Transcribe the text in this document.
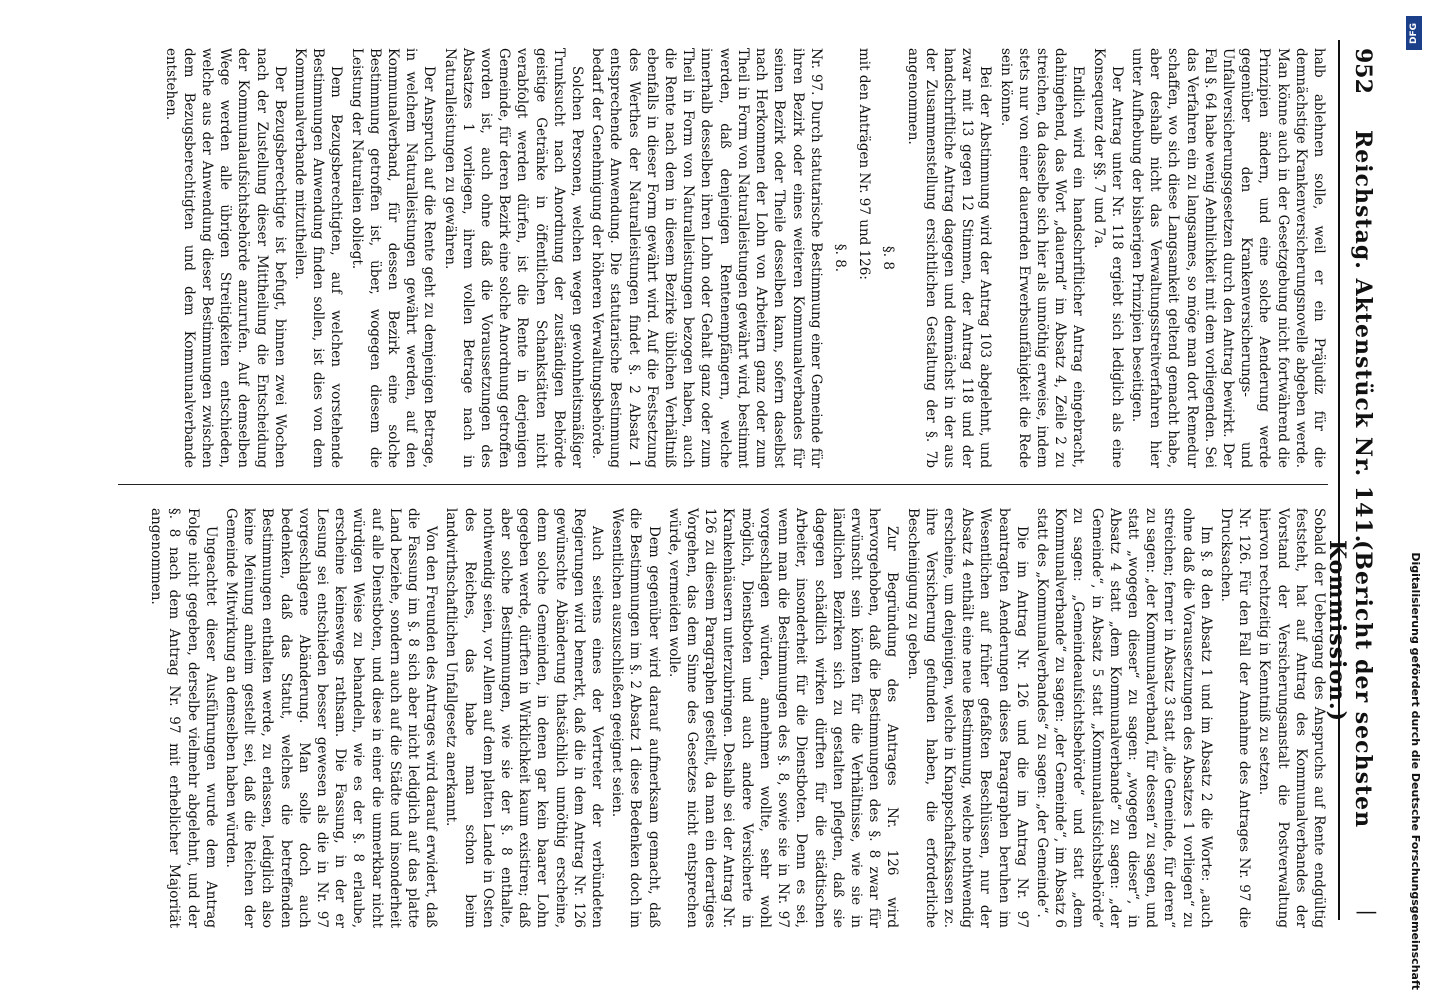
952
Reichstag. Aktenstück Nr. 141.
(Bericht der sechsten Kommission.)
|

halb ablehnen solle, weil er ein Präjudiz für die demnächstige Krankenversicherungsnovelle abgeben werde. Man könne auch in der Gesetzgebung nicht fortwährend die Prinzipien ändern, und eine solche Aenderung werde gegenüber den Krankenversicherungs- und Unfallversicherungsgesetzen durch den Antrag bewirkt. Der Fall §. 64 habe wenig Aehnlichkeit mit dem vorliegenden. Sei das Verfahren ein zu langsames, so möge man dort Remedur schaffen, wo sich diese Langsamkeit geltend gemacht habe, aber deshalb nicht das Verwaltungsstreitverfahren hier unter Aufhebung der bisherigen Prinzipien beseitigen.

Der Antrag unter Nr. 118 ergiebt sich lediglich als eine Konsequenz der §§. 7 und 7a.

Endlich wird ein handschriftlicher Antrag eingebracht, dahingehend, das Wort „dauernd“ im Absatz 4, Zeile 2 zu streichen, da dasselbe sich hier als unnöthig erweise, indem stets nur von einer dauernden Erwerbsunfähigkeit die Rede sein könne.

Bei der Abstimmung wird der Antrag 103 abgelehnt, und zwar mit 13 gegen 12 Stimmen, der Antrag 118 und der handschriftliche Antrag dagegen und demnächst in der aus der Zusammenstellung ersichtlichen Gestaltung der §. 7b angenommen.

§. 8

mit den Anträgen Nr. 97 und 126:

§. 8.

Nr. 97. Durch statutarische Bestimmung einer Gemeinde für ihren Bezirk oder eines weiteren Kommunalverbandes für seinen Bezirk oder Theile desselben kann, sofern daselbst nach Herkommen der Lohn von Arbeitern ganz oder zum Theil in Form von Naturalleistungen gewährt wird, bestimmt werden, daß denjenigen Rentenempfängern, welche innerhalb desselben ihren Lohn oder Gehalt ganz oder zum Theil in Form von Naturalleistungen bezogen haben, auch die Rente nach dem in diesem Bezirke üblichen Verhältniß ebenfalls in dieser Form gewährt wird. Auf die Festsetzung des Werthes der Naturalleistungen findet §. 2 Absatz 1 entsprechende Anwendung. Die statutarische Bestimmung bedarf der Genehmigung der höheren Verwaltungsbehörde.

Solchen Personen, welchen wegen gewohnheitsmäßiger Trunksucht nach Anordnung der zuständigen Behörde geistige Getränke in öffentlichen Schankstätten nicht verabfolgt werden dürfen, ist die Rente in derjenigen Gemeinde, für deren Bezirk eine solche Anordnung getroffen worden ist, auch ohne daß die Voraussetzungen des Absatzes 1 vorliegen, ihrem vollen Betrage nach in Naturalleistungen zu gewähren.

Der Anspruch auf die Rente geht zu demjenigen Betrage, in welchem Naturalleistungen gewährt werden, auf den Kommunalverband, für dessen Bezirk eine solche Bestimmung getroffen ist, über, wogegen diesem die Leistung der Naturalien obliegt.

Dem Bezugsberechtigten, auf welchen vorstehende Bestimmungen Anwendung finden sollen, ist dies von dem Kommunalverbande mitzutheilen.

Der Bezugsberechtigte ist befugt, binnen zwei Wochen nach der Zustellung dieser Mittheilung die Entscheidung der Kommunalaufsichtsbehörde anzurufen. Auf demselben Wege werden alle übrigen Streitigkeiten entschieden, welche aus der Anwendung dieser Bestimmungen zwischen dem Bezugsberechtigten und dem Kommunalverbande entstehen.

Sobald der Uebergang des Anspruchs auf Rente endgültig feststeht, hat auf Antrag des Kommunalverbandes der Vorstand der Versicherungsanstalt die Postverwaltung hiervon rechtzeitig in Kenntniß zu setzen.

Nr. 126. Für den Fall der Annahme des Antrages Nr. 97 die Drucksachen.

Im §. 8 den Absatz 1 und im Absatz 2 die Worte: „auch ohne daß die Voraussetzungen des Absatzes 1 vorliegen“ zu streichen; ferner in Absatz 3 statt „die Gemeinde, für deren“ zu sagen: „der Kommunalverband, für dessen“ zu sagen, und statt „wogegen dieser“ zu sagen: „wogegen dieser“, in Absatz 4 statt „dem Kommunalverbande“ zu sagen: „der Gemeinde“, in Absatz 5 statt „Kommunalaufsichtsbehörde“ zu sagen: „Gemeindeaufsichtsbehörde“ und statt „dem Kommunalverbande“ zu sagen: „der Gemeinde“, im Absatz 6 statt des „Kommunalverbandes“ zu sagen: „der Gemeinde“.

Die im Antrag Nr. 126 und die im Antrag Nr. 97 beantragten Aenderungen dieses Paragraphen beruhen im Wesentlichen auf früher gefaßten Beschlüssen, nur der Absatz 4 enthält eine neue Bestimmung, welche nothwendig erscheine, um denjenigen, welche in Knappschaftskassen zc. ihre Versicherung gefunden haben, die erforderliche Bescheinigung zu geben.

Zur Begründung des Antrages Nr. 126 wird hervorgehoben, daß die Bestimmungen des §. 8 zwar für erwünscht sein könnten für die Verhältnisse, wie sie in ländlichen Bezirken sich zu gestalten pflegten, daß sie dagegen schädlich wirken dürften für die städtischen Arbeiter, insonderheit für die Dienstboten. Denn es sei, wenn man die Bestimmungen des §. 8, sowie sie in Nr. 97 vorgeschlagen würden, annehmen wollte, sehr wohl möglich, Dienstboten und auch andere Versicherte in Krankenhäusern unterzubringen. Deshalb sei der Antrag Nr. 126 zu diesem Paragraphen gestellt, da man ein derartiges Vorgehen, das dem Sinne des Gesetzes nicht entsprechen würde, vermeiden wolle.

Dem gegenüber wird darauf aufmerksam gemacht, daß die Bestimmungen im §. 2 Absatz 1 diese Bedenken doch im Wesentlichen auszuschließen geeignet seien.

Auch seitens eines der Vertreter der verbündeten Regierungen wird bemerkt, daß die in dem Antrag Nr. 126 gewünschte Abänderung thatsächlich unnöthig erscheine, denn solche Gemeinden, in denen gar kein baarer Lohn gegeben werde, dürften in Wirklichkeit kaum existiren; daß aber solche Bestimmungen, wie sie der §. 8 enthalte, nothwendig seien, vor Allem auf dem platten Lande in Osten des Reiches, das habe man schon beim landwirthschaftlichen Unfallgesetz anerkannt.

Von den Freunden des Antrages wird darauf erwidert, daß die Fassung im §. 8 sich aber nicht lediglich auf das platte Land beziehe, sondern auch auf die Städte und insonderheit auf alle Dienstboten, und diese in einer die unmerkbar nicht würdigen Weise zu behandeln, wie es der §. 8 erlaube, erscheine keineswegs rathsam. Die Fassung, in der er Lesung sei entschieden besser gewesen als die in Nr. 97 vorgeschlagene Abänderung. Man solle doch auch bedenken, daß das Statut, welches die betreffenden Bestimmungen enthalten werde, zu erlassen, lediglich also keine Meinung anheim gestellt sei, daß die Reichen der Gemeinde Mitwirkung an demselben haben würden.

Ungeachtet dieser Ausführungen wurde dem Antrag Folge nicht gegeben, derselbe vielmehr abgelehnt, und der §. 8 nach dem Antrag Nr. 97 mit erheblicher Majorität angenommen.	Digitalisierung gefördert durch die Deutsche Forschungsgemeinschaft
DFG
